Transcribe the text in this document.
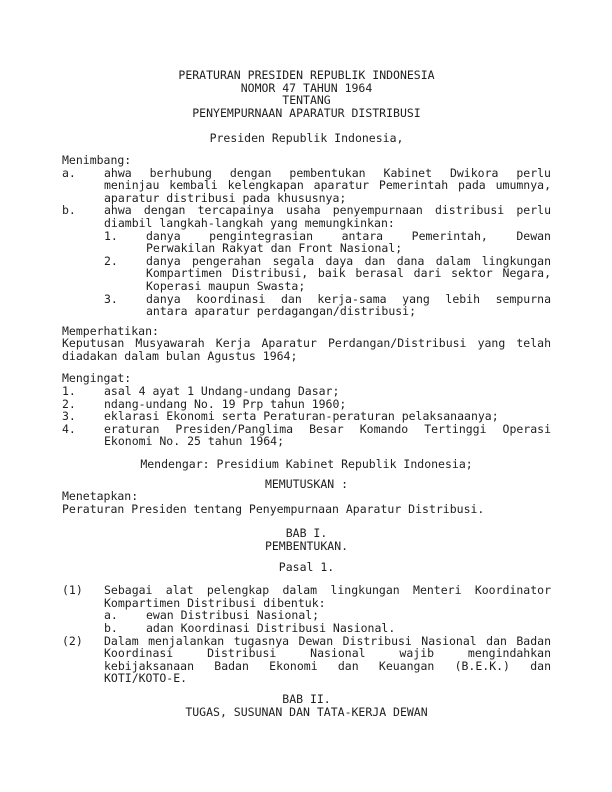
PERATURAN PRESIDEN REPUBLIK INDONESIA
NOMOR 47 TAHUN 1964
TENTANG
PENYEMPURNAAN APARATUR DISTRIBUSI
Presiden Republik Indonesia,
Menimbang:
a. ahwa berhubung dengan pembentukan Kabinet Dwikora perlu
meninjau kembali kelengkapan aparatur Pemerintah pada umumnya,
aparatur distribusi pada khususnya;
b. ahwa dengan tercapainya usaha penyempurnaan distribusi perlu
diambil langkah-langkah yang memungkinkan:
1. danya pengintegrasian antara Pemerintah, Dewan
Perwakilan Rakyat dan Front Nasional;
2. danya pengerahan segala daya dan dana dalam lingkungan
Kompartimen Distribusi, baik berasal dari sektor Negara,
Koperasi maupun Swasta;
3. danya koordinasi dan kerja-sama yang lebih sempurna
antara aparatur perdagangan/distribusi;
Memperhatikan:
Keputusan Musyawarah Kerja Aparatur Perdangan/Distribusi yang telah
diadakan dalam bulan Agustus 1964;
Mengingat:
1. asal 4 ayat 1 Undang-undang Dasar;
2. ndang-undang No. 19 Prp tahun 1960;
3. eklarasi Ekonomi serta Peraturan-peraturan pelaksanaanya;
4. eraturan Presiden/Panglima Besar Komando Tertinggi Operasi
Ekonomi No. 25 tahun 1964;
Mendengar: Presidium Kabinet Republik Indonesia;
MEMUTUSKAN :
Menetapkan:
Peraturan Presiden tentang Penyempurnaan Aparatur Distribusi.
BAB I.
PEMBENTUKAN.
Pasal 1.
(1) Sebagai alat pelengkap dalam lingkungan Menteri Koordinator
Kompartimen Distribusi dibentuk:
a. ewan Distribusi Nasional;
b. adan Koordinasi Distribusi Nasional.
(2) Dalam menjalankan tugasnya Dewan Distribusi Nasional dan Badan
Koordinasi Distribusi Nasional wajib mengindahkan
kebijaksanaan Badan Ekonomi dan Keuangan (B.E.K.) dan
KOTI/KOTO-E.
BAB II.
TUGAS, SUSUNAN DAN TATA-KERJA DEWAN
